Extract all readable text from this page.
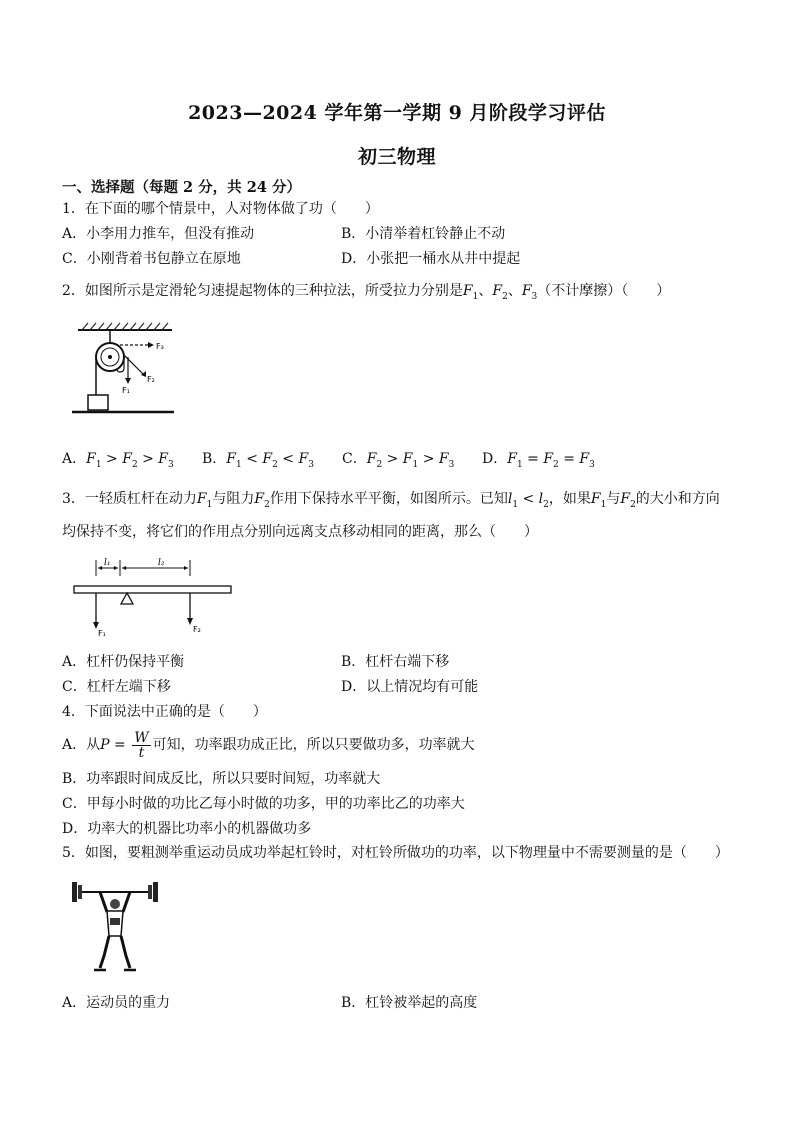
2023—2024 学年第一学期 9 月阶段学习评估
初三物理
一、选择题（每题 2 分，共 24 分）
1．在下面的哪个情景中，人对物体做了功（　　）
A．小李用力推车，但没有推动	B．小清举着杠铃静止不动
C．小刚背着书包静立在原地	D．小张把一桶水从井中提起
2．如图所示是定滑轮匀速提起物体的三种拉法，所受拉力分别是$F_1$、$F_2$、$F_3$（不计摩擦）（　　）
F₃
F₂
F₁
A．$F_1 > F_2 > F_3$ B．$F_1 < F_2 < F_3$ C．$F_2 > F_1 > F_3$ D．$F_1 = F_2 = F_3$
3．一轻质杠杆在动力$F_1$与阻力$F_2$作用下保持水平平衡，如图所示。已知$l_1 < l_2$，如果$F_1$与$F_2$的大小和方向
均保持不变，将它们的作用点分别向远离支点移动相同的距离，那么（　　）
l₁	l₂
F₁	F₂
A．杠杆仍保持平衡	B．杠杆右端下移
C．杠杆左端下移	D．以上情况均有可能
4．下面说法中正确的是（　　）
A．从$P = \frac{W}{t}$ 可知，功率跟功成正比，所以只要做功多，功率就大
B．功率跟时间成反比，所以只要时间短，功率就大
C．甲每小时做的功比乙每小时做的功多，甲的功率比乙的功率大
D．功率大的机器比功率小的机器做功多
5．如图，要粗测举重运动员成功举起杠铃时，对杠铃所做功的功率，以下物理量中不需要测量的是（　　）
A．运动员的重力	B．杠铃被举起的高度
